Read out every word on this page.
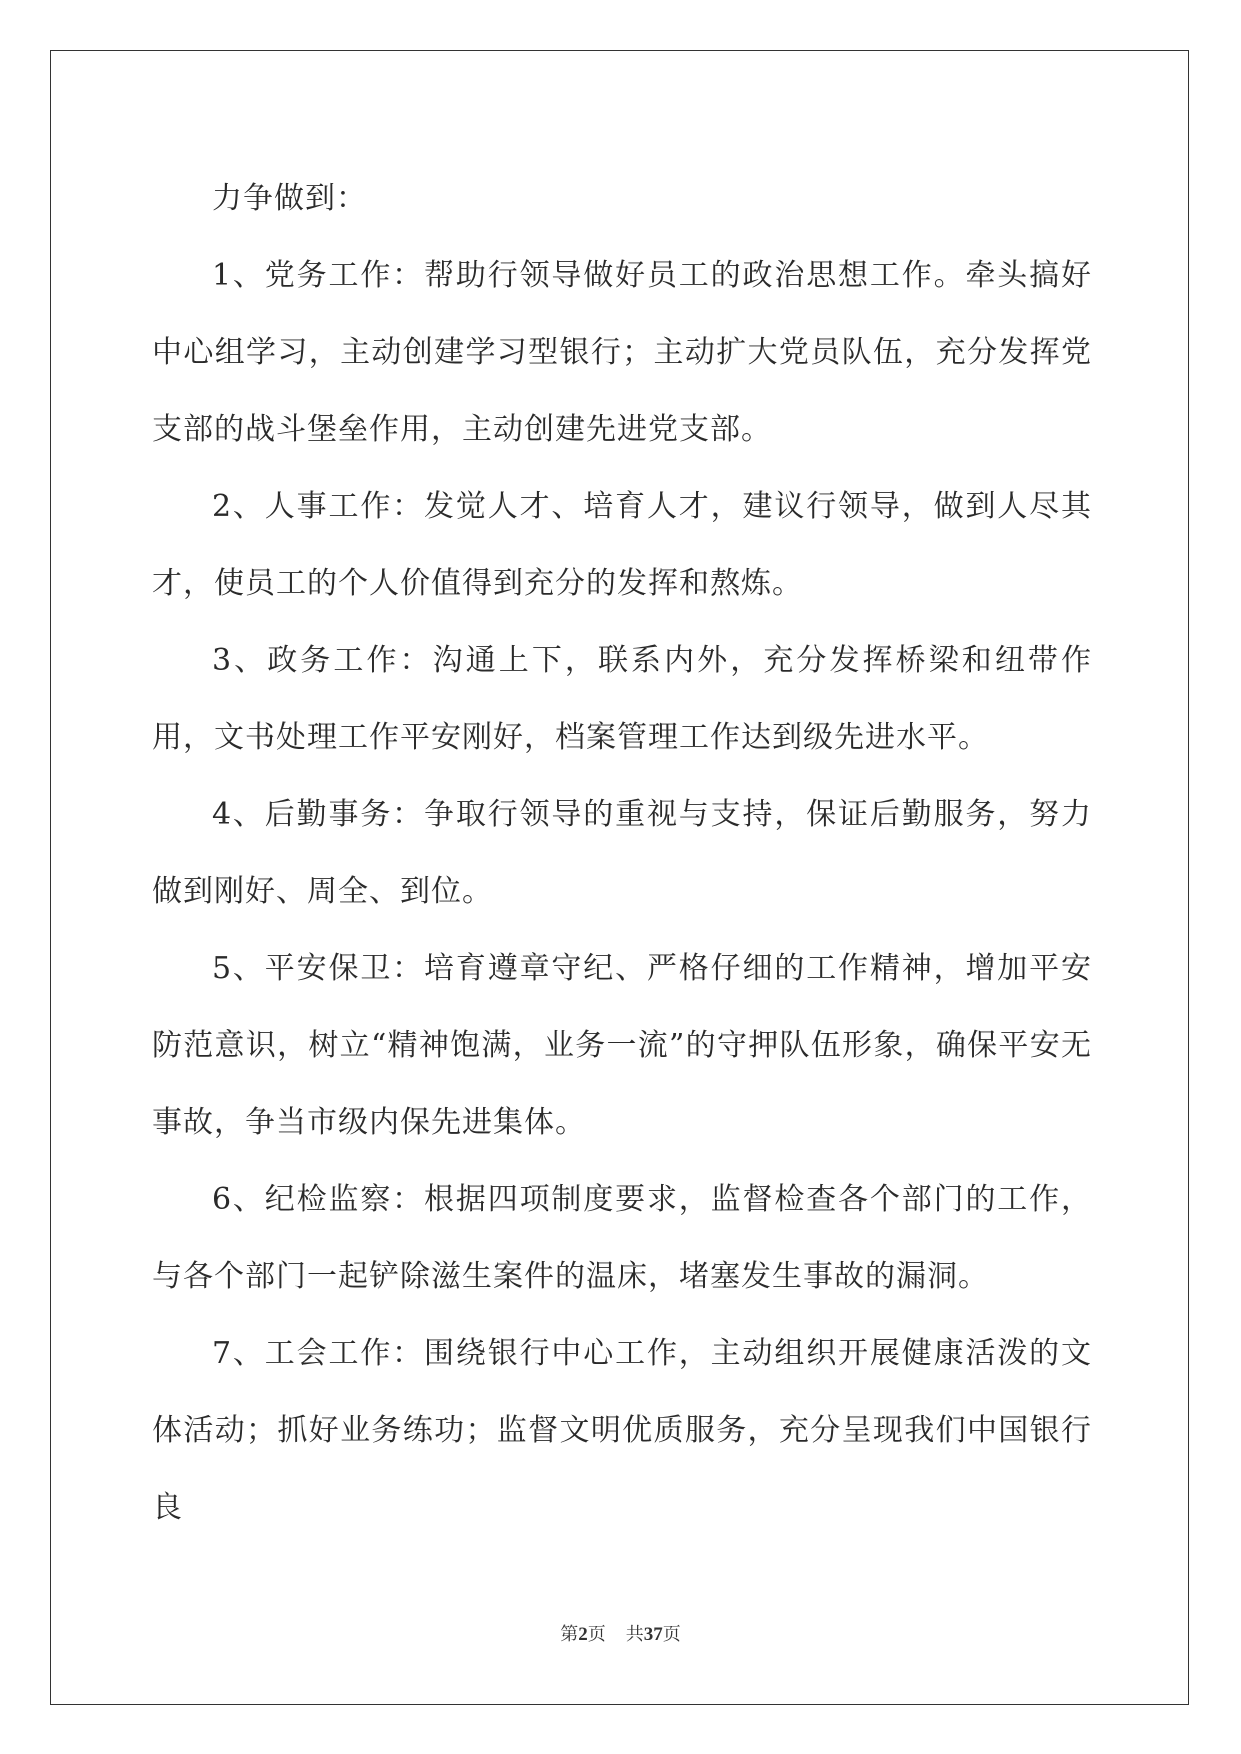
力争做到：

1、党务工作：帮助行领导做好员工的政治思想工作。牵头搞好中心组学习，主动创建学习型银行；主动扩大党员队伍，充分发挥党支部的战斗堡垒作用，主动创建先进党支部。

2、人事工作：发觉人才、培育人才，建议行领导，做到人尽其才，使员工的个人价值得到充分的发挥和熬炼。

3、政务工作：沟通上下，联系内外，充分发挥桥梁和纽带作用，文书处理工作平安刚好，档案管理工作达到级先进水平。

4、后勤事务：争取行领导的重视与支持，保证后勤服务，努力做到刚好、周全、到位。

5、平安保卫：培育遵章守纪、严格仔细的工作精神，增加平安防范意识，树立“精神饱满，业务一流”的守押队伍形象，确保平安无事故，争当市级内保先进集体。

6、纪检监察：根据四项制度要求，监督检查各个部门的工作，与各个部门一起铲除滋生案件的温床，堵塞发生事故的漏洞。

7、工会工作：围绕银行中心工作，主动组织开展健康活泼的文体活动；抓好业务练功；监督文明优质服务，充分呈现我们中国银行良

第2页 共37页
